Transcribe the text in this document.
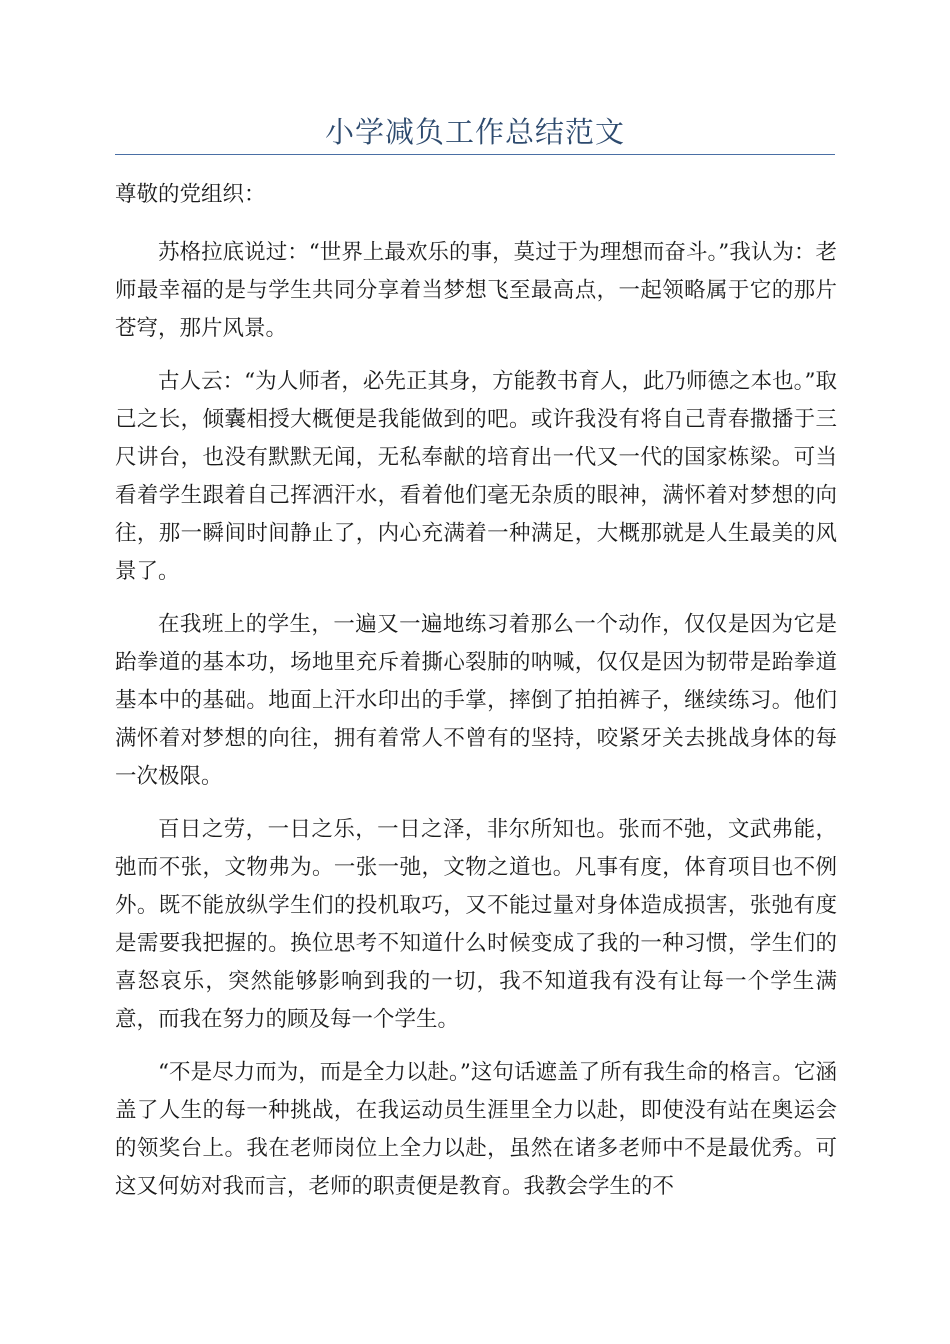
小学减负工作总结范文

尊敬的党组织：

苏格拉底说过：“世界上最欢乐的事，莫过于为理想而奋斗。”我认为：老师最幸福的是与学生共同分享着当梦想飞至最高点，一起领略属于它的那片苍穹，那片风景。

古人云：“为人师者，必先正其身，方能教书育人，此乃师德之本也。”取己之长，倾囊相授大概便是我能做到的吧。或许我没有将自己青春撒播于三尺讲台，也没有默默无闻，无私奉献的培育出一代又一代的国家栋梁。可当看着学生跟着自己挥洒汗水，看着他们毫无杂质的眼神，满怀着对梦想的向往，那一瞬间时间静止了，内心充满着一种满足，大概那就是人生最美的风景了。

在我班上的学生，一遍又一遍地练习着那么一个动作，仅仅是因为它是跆拳道的基本功，场地里充斥着撕心裂肺的呐喊，仅仅是因为韧带是跆拳道基本中的基础。地面上汗水印出的手掌，摔倒了拍拍裤子，继续练习。他们满怀着对梦想的向往，拥有着常人不曾有的坚持，咬紧牙关去挑战身体的每一次极限。

百日之劳，一日之乐，一日之泽，非尔所知也。张而不弛，文武弗能，弛而不张，文物弗为。一张一弛，文物之道也。凡事有度，体育项目也不例外。既不能放纵学生们的投机取巧，又不能过量对身体造成损害，张弛有度是需要我把握的。换位思考不知道什么时候变成了我的一种习惯，学生们的喜怒哀乐，突然能够影响到我的一切，我不知道我有没有让每一个学生满意，而我在努力的顾及每一个学生。

“不是尽力而为，而是全力以赴。”这句话遮盖了所有我生命的格言。它涵盖了人生的每一种挑战，在我运动员生涯里全力以赴，即使没有站在奥运会的领奖台上。我在老师岗位上全力以赴，虽然在诸多老师中不是最优秀。可这又何妨对我而言，老师的职责便是教育。我教会学生的不
